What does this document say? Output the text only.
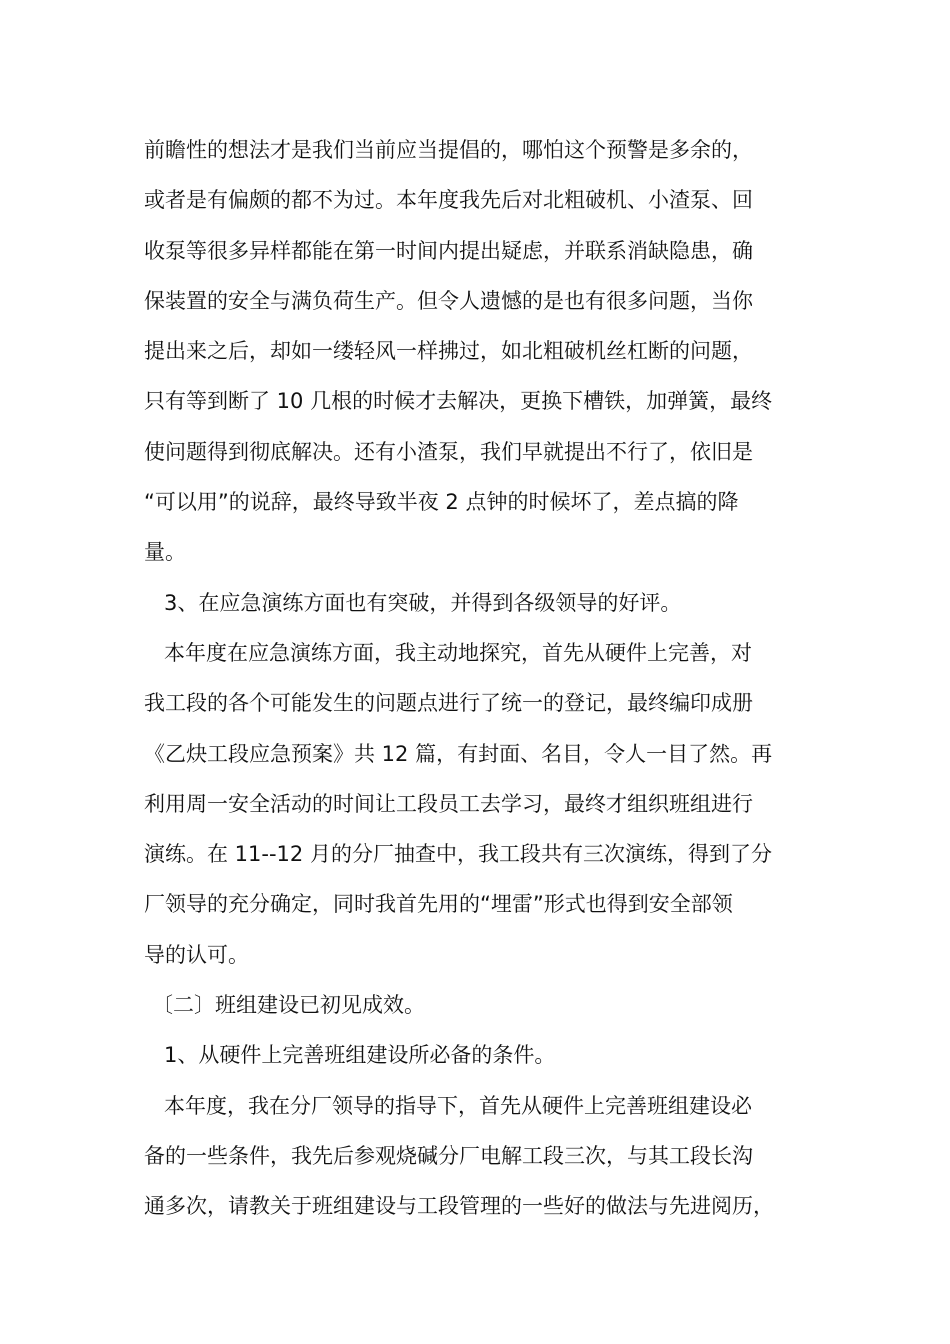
前瞻性的想法才是我们当前应当提倡的，哪怕这个预警是多余的，
或者是有偏颇的都不为过。本年度我先后对北粗破机、小渣泵、回
收泵等很多异样都能在第一时间内提出疑虑，并联系消缺隐患，确
保装置的安全与满负荷生产。但令人遗憾的是也有很多问题，当你
提出来之后，却如一缕轻风一样拂过，如北粗破机丝杠断的问题，
只有等到断了 10 几根的时候才去解决，更换下槽铁，加弹簧，最终
使问题得到彻底解决。还有小渣泵，我们早就提出不行了，依旧是
“可以用”的说辞，最终导致半夜 2 点钟的时候坏了，差点搞的降
量。
3、在应急演练方面也有突破，并得到各级领导的好评。
本年度在应急演练方面，我主动地探究，首先从硬件上完善，对
我工段的各个可能发生的问题点进行了统一的登记，最终编印成册
《乙炔工段应急预案》共 12 篇，有封面、名目，令人一目了然。再
利用周一安全活动的时间让工段员工去学习，最终才组织班组进行
演练。在 11--12 月的分厂抽查中，我工段共有三次演练，得到了分
厂领导的充分确定，同时我首先用的“埋雷”形式也得到安全部领
导的认可。
〔二〕班组建设已初见成效。
1、从硬件上完善班组建设所必备的条件。
本年度，我在分厂领导的指导下，首先从硬件上完善班组建设必
备的一些条件，我先后参观烧碱分厂电解工段三次，与其工段长沟
通多次，请教关于班组建设与工段管理的一些好的做法与先进阅历，
